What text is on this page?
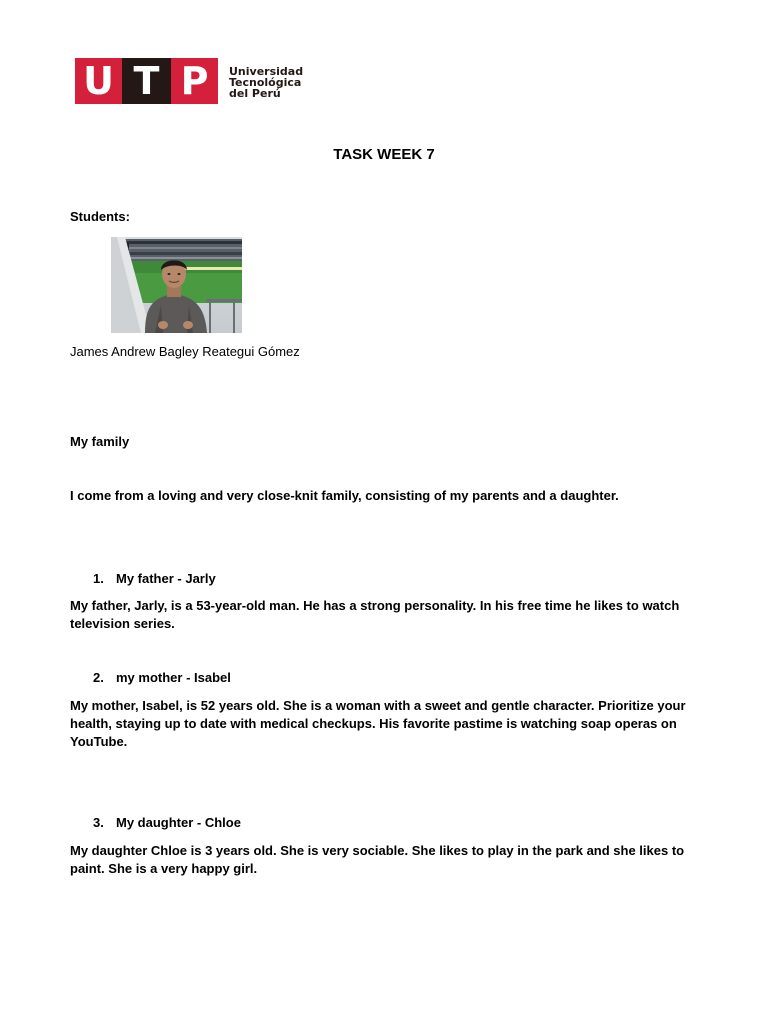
U T P	Universidad
Tecnológica
del Perú
TASK WEEK 7
Students:
James Andrew Bagley Reategui Gómez
My family
I come from a loving and very close-knit family, consisting of my parents and a daughter.
1. My father - Jarly
My father, Jarly, is a 53-year-old man. He has a strong personality. In his free time he likes to watch television series.
2. my mother - Isabel
My mother, Isabel, is 52 years old. She is a woman with a sweet and gentle character. Prioritize your health, staying up to date with medical checkups. His favorite pastime is watching soap operas on YouTube.
3. My daughter - Chloe
My daughter Chloe is 3 years old. She is very sociable. She likes to play in the park and she likes to paint. She is a very happy girl.
